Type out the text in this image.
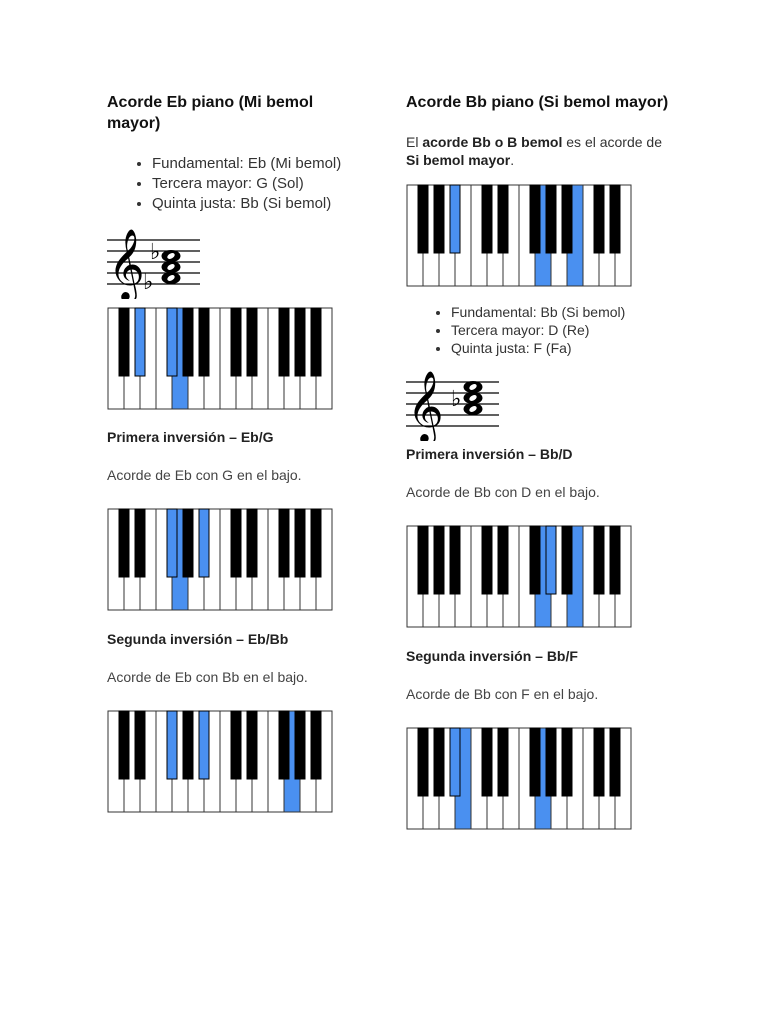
Acorde Eb piano (Mi bemol mayor)
• Fundamental: Eb (Mi bemol)
• Tercera mayor: G (Sol)
• Quinta justa: Bb (Si bemol)
𝄞 ♭
♭
Primera inversión – Eb/G

Acorde de Eb con G en el bajo.

Segunda inversión – Eb/Bb

Acorde de Eb con Bb en el bajo.

Acorde Bb piano (Si bemol mayor)

El acorde Bb o B bemol es el acorde de Si bemol mayor.

• Fundamental: Bb (Si bemol)
• Tercera mayor: D (Re)
• Quinta justa: F (Fa)
𝄞 ♭
Primera inversión – Bb/D

Acorde de Bb con D en el bajo.

Segunda inversión – Bb/F

Acorde de Bb con F en el bajo.
